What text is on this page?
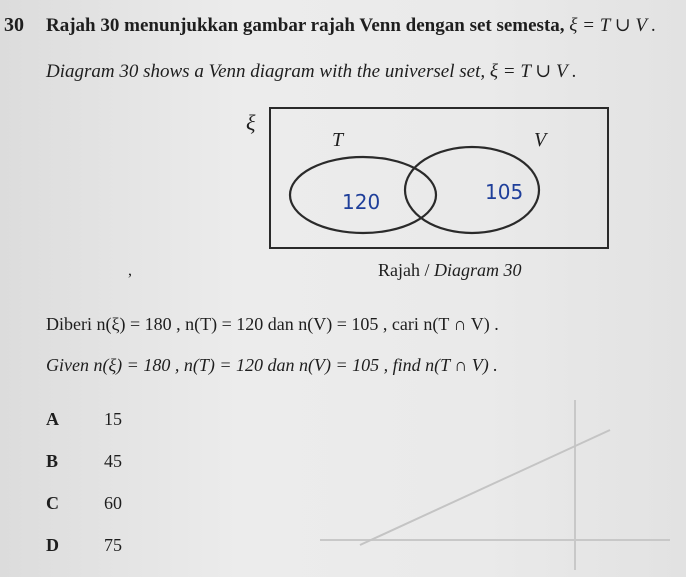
30 Rajah 30 menunjukkan gambar rajah Venn dengan set semesta, ξ = T ∪ V .
Diagram 30 shows a Venn diagram with the universel set, ξ = T ∪ V .
ξ
T	V
120	105
,	Rajah / Diagram 30
Diberi n(ξ) = 180 , n(T) = 120 dan n(V) = 105 , cari n(T ∩ V) .
Given n(ξ) = 180 , n(T) = 120 dan n(V) = 105 , find n(T ∩ V) .
A	15
B	45
C	60
D	75
